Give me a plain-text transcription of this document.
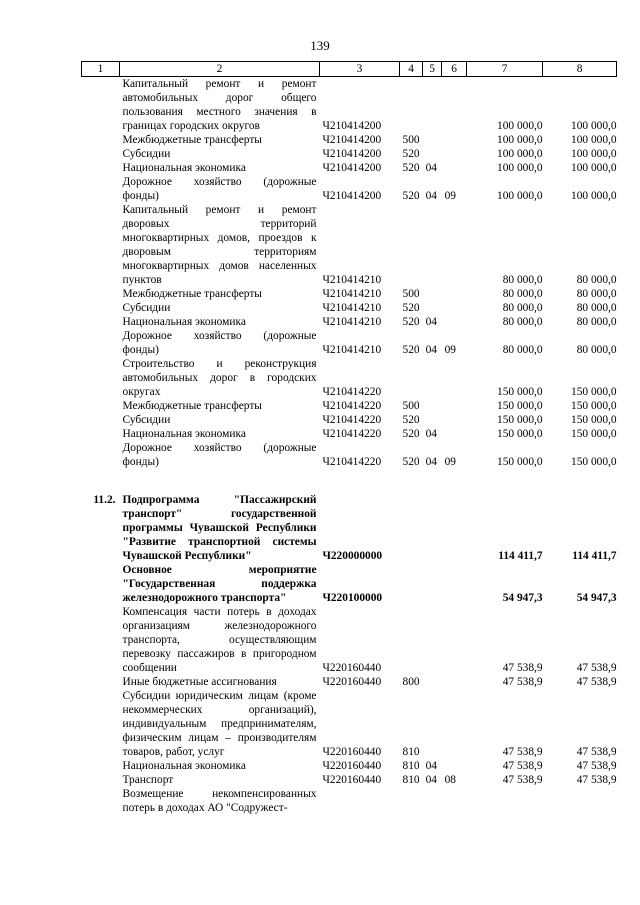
139
1	2	3	4	5	6	7	8
	Капитальный ремонт и ремонт автомобильных дорог общего пользования местного значения в границах городских округов	Ч210414200				100 000,0	100 000,0
	Межбюджетные трансферты	Ч210414200	500			100 000,0	100 000,0
	Субсидии	Ч210414200	520			100 000,0	100 000,0
	Национальная экономика	Ч210414200	520	04		100 000,0	100 000,0
	Дорожное хозяйство (дорожные фонды)	Ч210414200	520	04	09	100 000,0	100 000,0
	Капитальный ремонт и ремонт дворовых территорий многоквартирных домов, проездов к дворовым территориям многоквартирных домов населенных пунктов	Ч210414210				80 000,0	80 000,0
	Межбюджетные трансферты	Ч210414210	500			80 000,0	80 000,0
	Субсидии	Ч210414210	520			80 000,0	80 000,0
	Национальная экономика	Ч210414210	520	04		80 000,0	80 000,0
	Дорожное хозяйство (дорожные фонды)	Ч210414210	520	04	09	80 000,0	80 000,0
	Строительство и реконструкция автомобильных дорог в городских округах	Ч210414220				150 000,0	150 000,0
	Межбюджетные трансферты	Ч210414220	500			150 000,0	150 000,0
	Субсидии	Ч210414220	520			150 000,0	150 000,0
	Национальная экономика	Ч210414220	520	04		150 000,0	150 000,0
	Дорожное хозяйство (дорожные фонды)	Ч210414220	520	04	09	150 000,0	150 000,0

11.2.	Подпрограмма "Пассажирский транспорт" государственной программы Чувашской Республики "Развитие транспортной системы Чувашской Республики"	Ч220000000				114 411,7	114 411,7
	Основное мероприятие "Государственная поддержка железнодорожного транспорта"	Ч220100000				54 947,3	54 947,3
	Компенсация части потерь в доходах организациям железнодорожного транспорта, осуществляющим перевозку пассажиров в пригородном сообщении	Ч220160440				47 538,9	47 538,9
	Иные бюджетные ассигнования	Ч220160440	800			47 538,9	47 538,9
	Субсидии юридическим лицам (кроме некоммерческих организаций), индивидуальным предпринимателям, физическим лицам – производителям товаров, работ, услуг	Ч220160440	810			47 538,9	47 538,9
	Национальная экономика	Ч220160440	810	04		47 538,9	47 538,9
	Транспорт	Ч220160440	810	04	08	47 538,9	47 538,9
	Возмещение некомпенсированных потерь в доходах АО "Содружест-						
